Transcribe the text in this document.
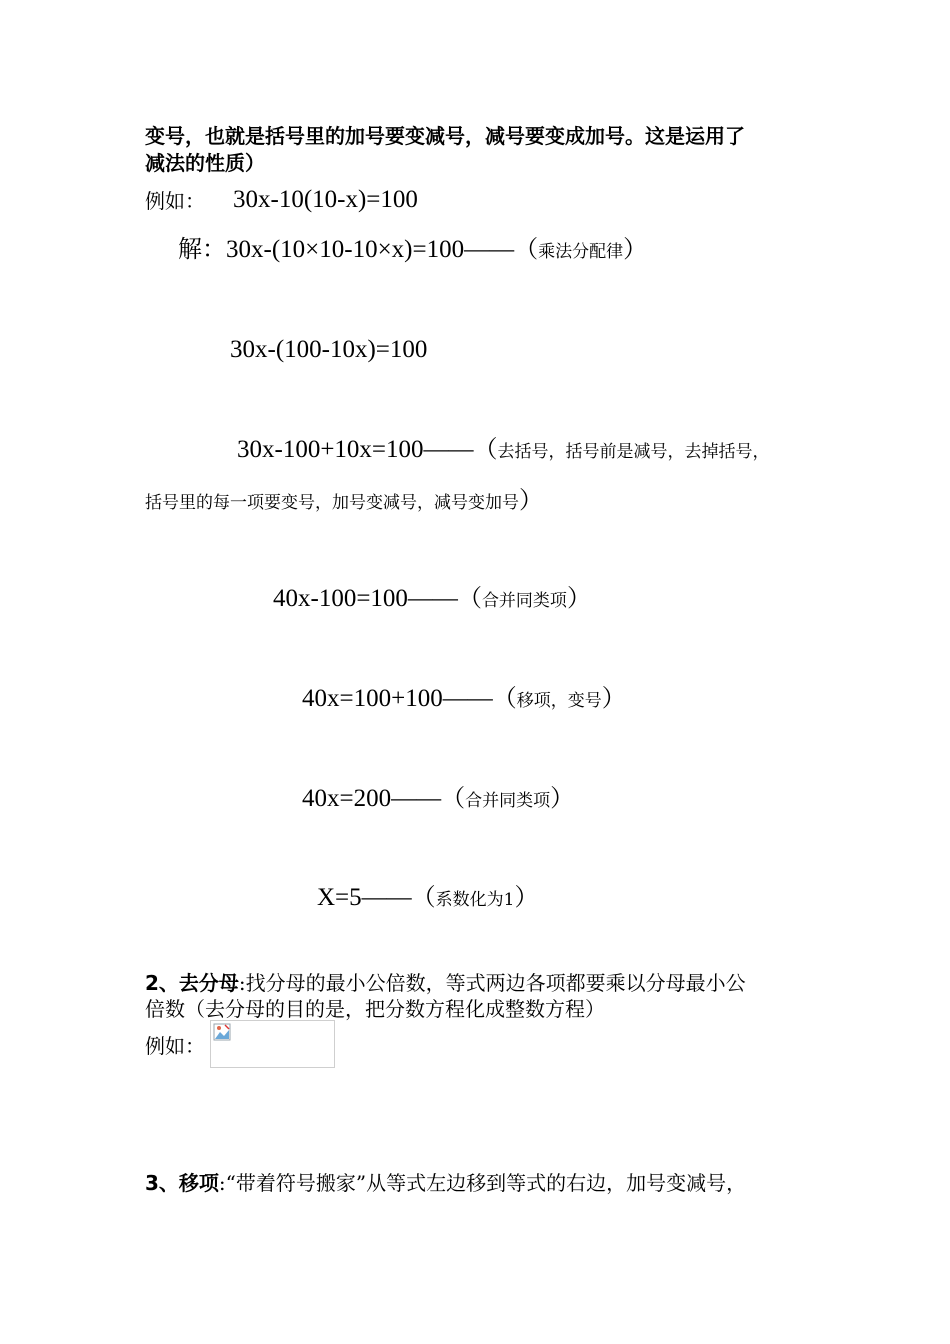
变号，也就是括号里的加号要变减号，减号要变成加号。这是运用了
减法的性质）
例如： 30x-10(10-x)=100
解：30x-(10×10-10×x)=100——（乘法分配律）
30x-(100-10x)=100
30x-100+10x=100——（去括号，括号前是减号，去掉括号，
括号里的每一项要变号，加号变减号，减号变加号）
40x-100=100——（合并同类项）
40x=100+100——（移项，变号）
40x=200——（合并同类项）
X=5——（系数化为1）
2、去分母:找分母的最小公倍数，等式两边各项都要乘以分母最小公
倍数（去分母的目的是，把分数方程化成整数方程）
例如：
3、移项:“带着符号搬家”从等式左边移到等式的右边，加号变减号，
